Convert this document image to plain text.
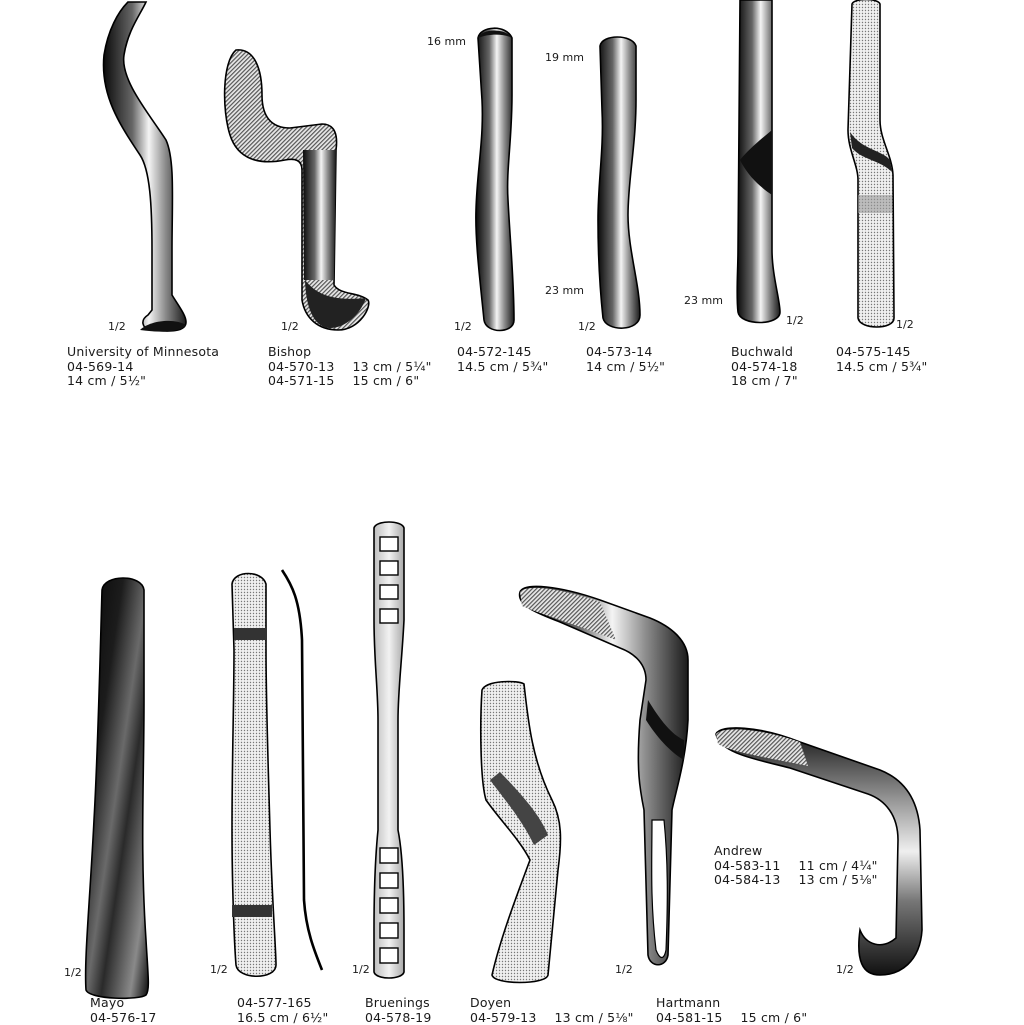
1/2	1/2	1/2	1/2	1/2	1/2
1/2	1/2	1/2	1/2	1/2
16 mm
19 mm
23 mm
23 mm
University of Minnesota
04-569-14
14 cm / 5½"
Bishop
04-570-13 13 cm / 5¼"
04-571-15 15 cm / 6"
04-572-145
14.5 cm / 5¾"
04-573-14
14 cm / 5½"
Buchwald
04-574-18
18 cm / 7"
04-575-145
14.5 cm / 5¾"
Andrew
04-583-11 11 cm / 4¼"
04-584-13 13 cm / 5⅛"
Mayo
04-576-17
04-577-165
16.5 cm / 6½"
Bruenings
04-578-19
Doyen
04-579-13 13 cm / 5⅛"
Hartmann
04-581-15 15 cm / 6"
